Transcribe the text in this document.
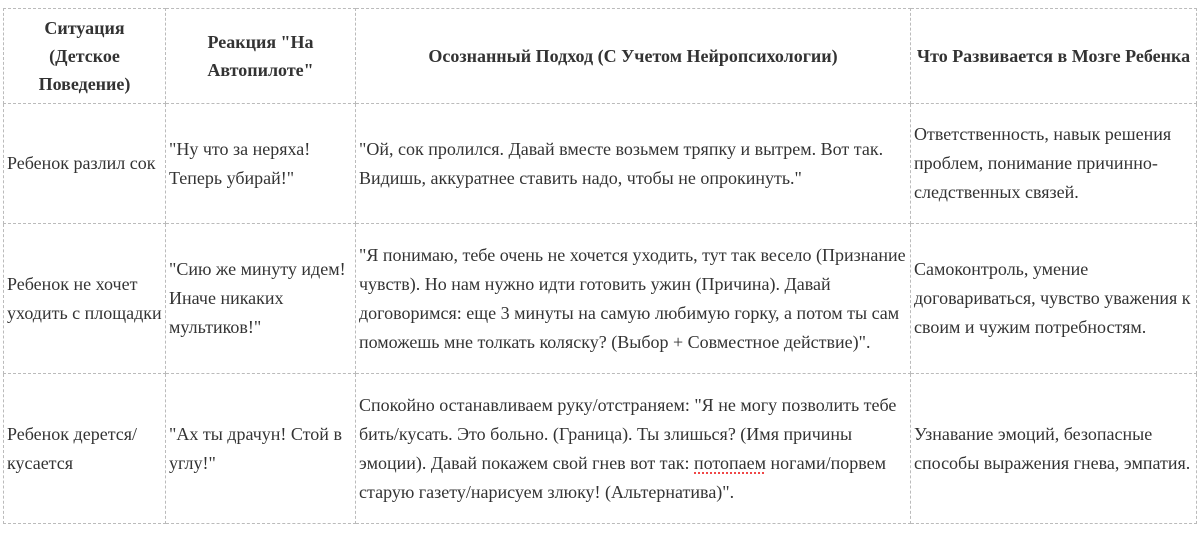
Ситуация (Детское Поведение)	Реакция "На Автопилоте"	Осознанный Подход (С Учетом Нейропсихологии)	Что Развивается в Мозге Ребенка
Ребенок разлил сок	"Ну что за неряха! Теперь убирай!"	"Ой, сок пролился. Давай вместе возьмем тряпку и вытрем. Вот так. Видишь, аккуратнее ставить надо, чтобы не опрокинуть."	Ответственность, навык решения проблем, понимание причинно-следственных связей.
Ребенок не хочет уходить с площадки	"Сию же минуту идем! Иначе никаких мультиков!"	"Я понимаю, тебе очень не хочется уходить, тут так весело (Признание чувств). Но нам нужно идти готовить ужин (Причина). Давай договоримся: еще 3 минуты на самую любимую горку, а потом ты сам поможешь мне толкать коляску? (Выбор + Совместное действие)".	Самоконтроль, умение договариваться, чувство уважения к своим и чужим потребностям.
Ребенок дерется/кусается	"Ах ты драчун! Стой в углу!"	Спокойно останавливаем руку/отстраняем: "Я не могу позволить тебе бить/кусать. Это больно. (Граница). Ты злишься? (Имя причины эмоции). Давай покажем свой гнев вот так: потопаем ногами/порвем старую газету/нарисуем злюку! (Альтернатива)".	Узнавание эмоций, безопасные способы выражения гнева, эмпатия.
